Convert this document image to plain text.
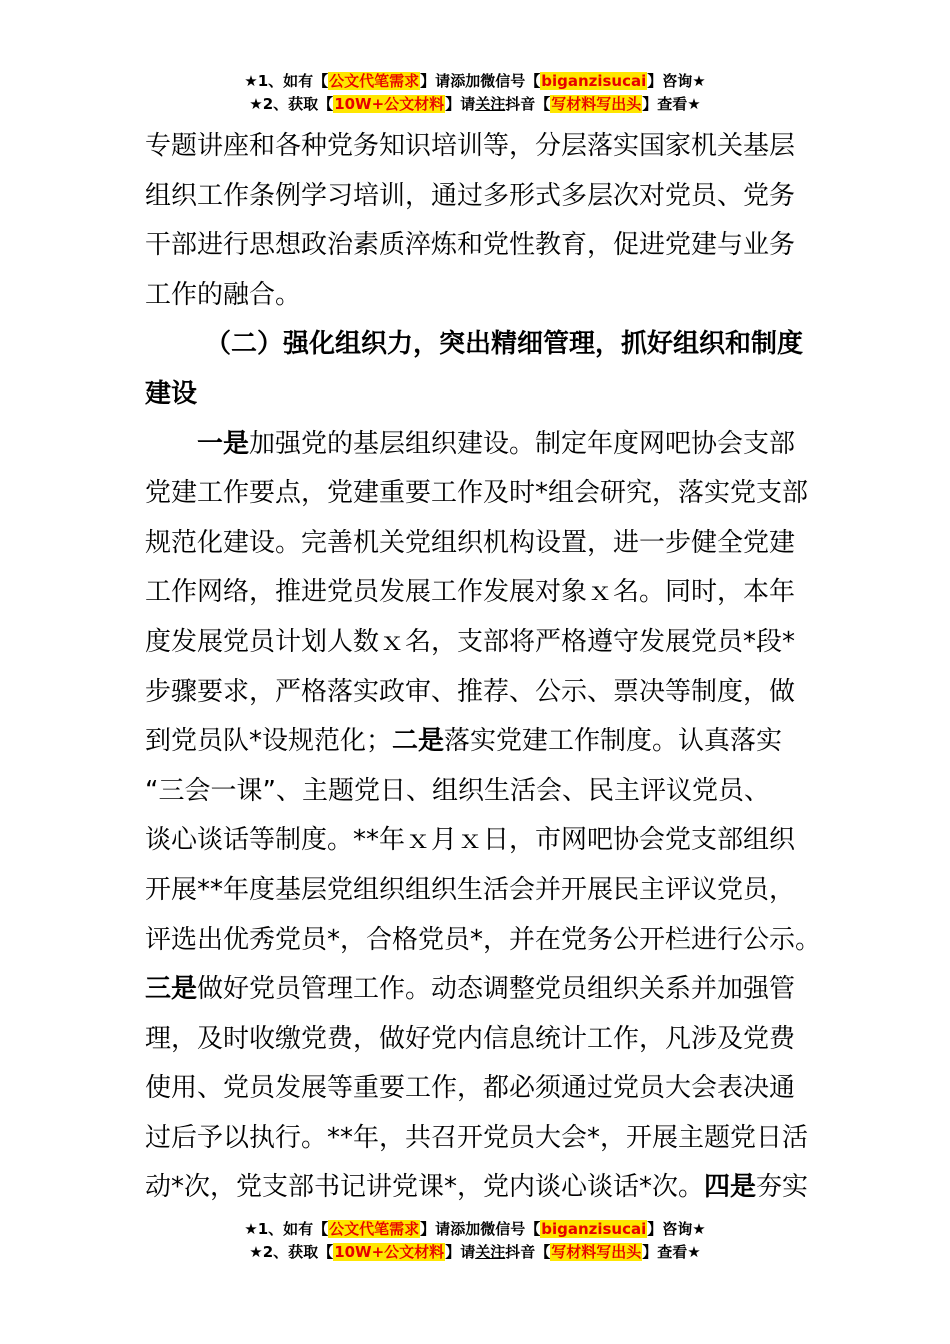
★1、如有【公文代笔需求】请添加微信号【biganzisucai】咨询★
★2、获取【10W+公文材料】请关注抖音【写材料写出头】查看★

专题讲座和各种党务知识培训等，分层落实国家机关基层

组织工作条例学习培训，通过多形式多层次对党员、党务

干部进行思想政治素质淬炼和党性教育，促进党建与业务

工作的融合。

（二）强化组织力，突出精细管理，抓好组织和制度

建设

一是加强党的基层组织建设。制定年度网吧协会支部

党建工作要点，党建重要工作及时*组会研究，落实党支部

规范化建设。完善机关党组织机构设置，进一步健全党建

工作网络，推进党员发展工作发展对象ｘ名。同时，本年

度发展党员计划人数ｘ名，支部将严格遵守发展党员*段*

步骤要求，严格落实政审、推荐、公示、票决等制度，做

到党员队*设规范化；二是落实党建工作制度。认真落实

“三会一课”、主题党日、组织生活会、民主评议党员、

谈心谈话等制度。**年ｘ月ｘ日，市网吧协会党支部组织

开展**年度基层党组织组织生活会并开展民主评议党员，

评选出优秀党员*，合格党员*，并在党务公开栏进行公示。

三是做好党员管理工作。动态调整党员组织关系并加强管

理，及时收缴党费，做好党内信息统计工作，凡涉及党费

使用、党员发展等重要工作，都必须通过党员大会表决通

过后予以执行。**年，共召开党员大会*，开展主题党日活

动*次，党支部书记讲党课*，党内谈心谈话*次。四是夯实

★1、如有【公文代笔需求】请添加微信号【biganzisucai】咨询★
★2、获取【10W+公文材料】请关注抖音【写材料写出头】查看★
